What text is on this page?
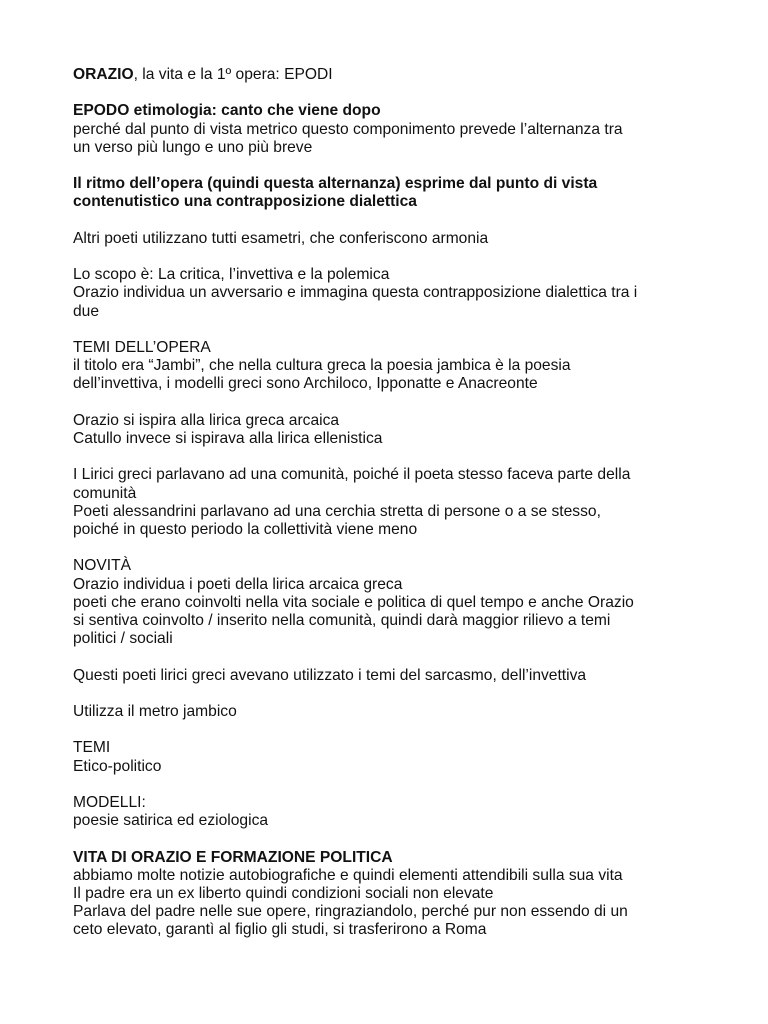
ORAZIO, la vita e la 1º opera: EPODI
EPODO etimologia: canto che viene dopo
perché dal punto di vista metrico questo componimento prevede l’alternanza tra
un verso più lungo e uno più breve
Il ritmo dell’opera (quindi questa alternanza) esprime dal punto di vista
contenutistico una contrapposizione dialettica
Altri poeti utilizzano tutti esametri, che conferiscono armonia
Lo scopo è: La critica, l’invettiva e la polemica
Orazio individua un avversario e immagina questa contrapposizione dialettica tra i
due
TEMI DELL’OPERA
il titolo era “Jambi”, che nella cultura greca la poesia jambica è la poesia
dell’invettiva, i modelli greci sono Archiloco, Ipponatte e Anacreonte
Orazio si ispira alla lirica greca arcaica
Catullo invece si ispirava alla lirica ellenistica
I Lirici greci parlavano ad una comunità, poiché il poeta stesso faceva parte della
comunità
Poeti alessandrini parlavano ad una cerchia stretta di persone o a se stesso,
poiché in questo periodo la collettività viene meno
NOVITÀ
Orazio individua i poeti della lirica arcaica greca
poeti che erano coinvolti nella vita sociale e politica di quel tempo e anche Orazio
si sentiva coinvolto / inserito nella comunità, quindi darà maggior rilievo a temi
politici / sociali
Questi poeti lirici greci avevano utilizzato i temi del sarcasmo, dell’invettiva
Utilizza il metro jambico
TEMI
Etico-politico
MODELLI:
poesie satirica ed eziologica
VITA DI ORAZIO E FORMAZIONE POLITICA
abbiamo molte notizie autobiografiche e quindi elementi attendibili sulla sua vita
Il padre era un ex liberto quindi condizioni sociali non elevate
Parlava del padre nelle sue opere, ringraziandolo, perché pur non essendo di un
ceto elevato, garantì al figlio gli studi, si trasferirono a Roma
